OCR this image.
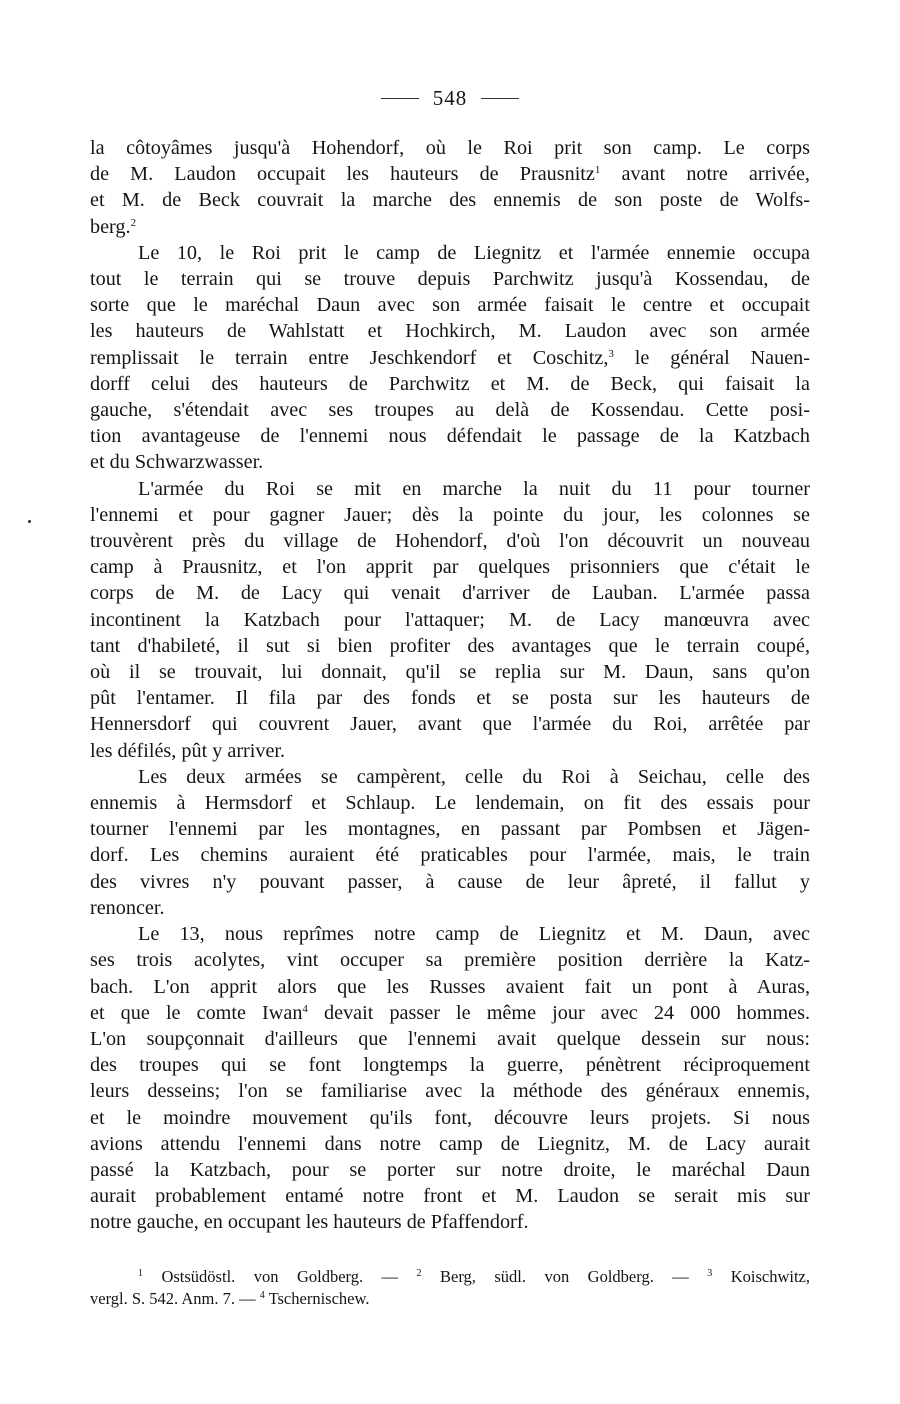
548
la côtoyâmes jusqu'à Hohendorf, où le Roi prit son camp. Le corps
de M. Laudon occupait les hauteurs de Prausnitz$^1$ avant notre arrivée,
et M. de Beck couvrait la marche des ennemis de son poste de Wolfs-
berg.$^2$
Le 10, le Roi prit le camp de Liegnitz et l'armée ennemie occupa
tout le terrain qui se trouve depuis Parchwitz jusqu'à Kossendau, de
sorte que le maréchal Daun avec son armée faisait le centre et occupait
les hauteurs de Wahlstatt et Hochkirch, M. Laudon avec son armée
remplissait le terrain entre Jeschkendorf et Coschitz,$^3$ le général Nauen-
dorff celui des hauteurs de Parchwitz et M. de Beck, qui faisait la
gauche, s'étendait avec ses troupes au delà de Kossendau. Cette posi-
tion avantageuse de l'ennemi nous défendait le passage de la Katzbach
et du Schwarzwasser.
L'armée du Roi se mit en marche la nuit du 11 pour tourner
l'ennemi et pour gagner Jauer; dès la pointe du jour, les colonnes se
trouvèrent près du village de Hohendorf, d'où l'on découvrit un nouveau
camp à Prausnitz, et l'on apprit par quelques prisonniers que c'était le
corps de M. de Lacy qui venait d'arriver de Lauban. L'armée passa
incontinent la Katzbach pour l'attaquer; M. de Lacy manœuvra avec
tant d'habileté, il sut si bien profiter des avantages que le terrain coupé,
où il se trouvait, lui donnait, qu'il se replia sur M. Daun, sans qu'on
pût l'entamer. Il fila par des fonds et se posta sur les hauteurs de
Hennersdorf qui couvrent Jauer, avant que l'armée du Roi, arrêtée par
les défilés, pût y arriver.
Les deux armées se campèrent, celle du Roi à Seichau, celle des
ennemis à Hermsdorf et Schlaup. Le lendemain, on fit des essais pour
tourner l'ennemi par les montagnes, en passant par Pombsen et Jägen-
dorf. Les chemins auraient été praticables pour l'armée, mais, le train
des vivres n'y pouvant passer, à cause de leur âpreté, il fallut y
renoncer.
Le 13, nous reprîmes notre camp de Liegnitz et M. Daun, avec
ses trois acolytes, vint occuper sa première position derrière la Katz-
bach. L'on apprit alors que les Russes avaient fait un pont à Auras,
et que le comte Iwan$^4$ devait passer le même jour avec 24 000 hommes.
L'on soupçonnait d'ailleurs que l'ennemi avait quelque dessein sur nous:
des troupes qui se font longtemps la guerre, pénètrent réciproquement
leurs desseins; l'on se familiarise avec la méthode des généraux ennemis,
et le moindre mouvement qu'ils font, découvre leurs projets. Si nous
avions attendu l'ennemi dans notre camp de Liegnitz, M. de Lacy aurait
passé la Katzbach, pour se porter sur notre droite, le maréchal Daun
aurait probablement entamé notre front et M. Laudon se serait mis sur
notre gauche, en occupant les hauteurs de Pfaffendorf.
$^1$ Ostsüdöstl. von Goldberg. — $^2$ Berg, südl. von Goldberg. — $^3$ Koischwitz,
vergl. S. 542. Anm. 7. — $^4$ Tschernischew.
